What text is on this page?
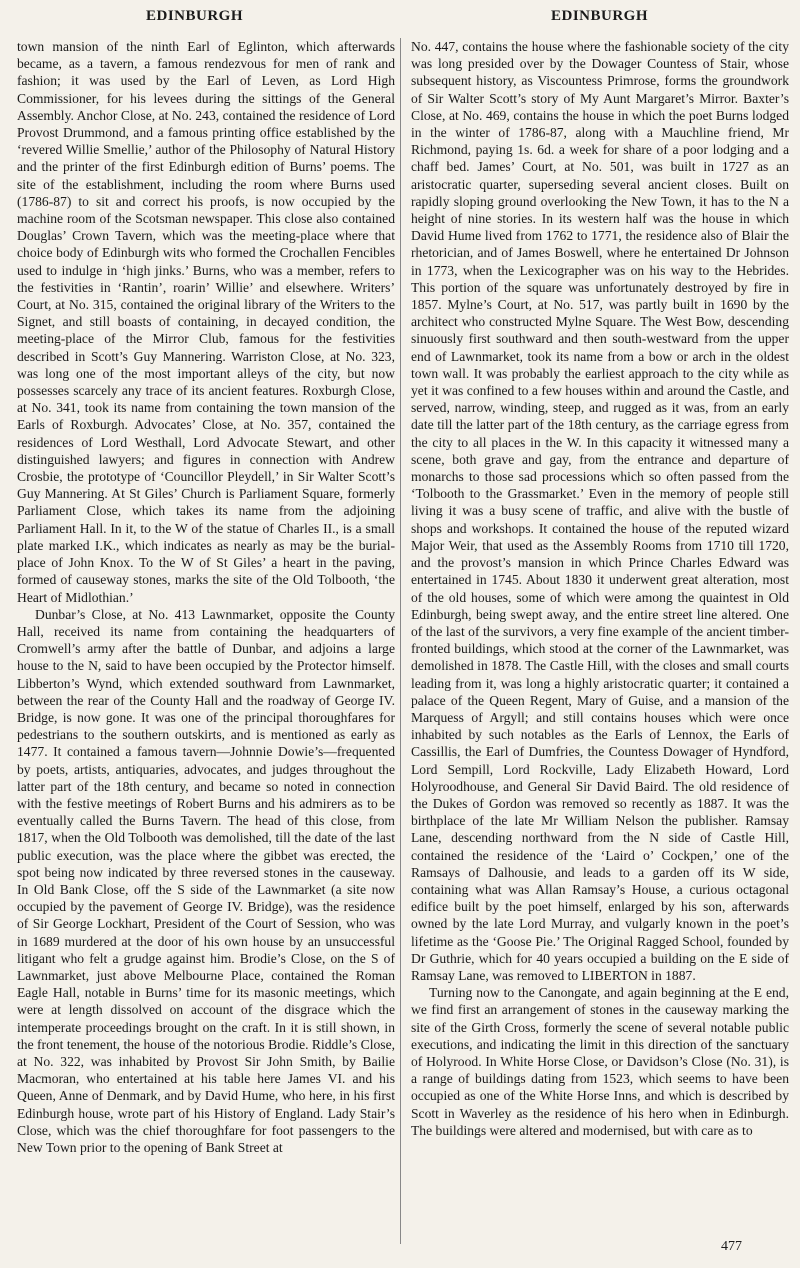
EDINBURGH	EDINBURGH

town mansion of the ninth Earl of Eglinton, which afterwards became, as a tavern, a famous rendezvous for men of rank and fashion; it was used by the Earl of Leven, as Lord High Commissioner, for his levees during the sittings of the General Assembly. Anchor Close, at No. 243, contained the residence of Lord Provost Drummond, and a famous printing office established by the ‘revered Willie Smellie,’ author of the Philosophy of Natural History and the printer of the first Edinburgh edition of Burns’ poems. The site of the establishment, including the room where Burns used (1786-87) to sit and correct his proofs, is now occupied by the machine room of the Scotsman newspaper. This close also contained Douglas’ Crown Tavern, which was the meeting-place where that choice body of Edinburgh wits who formed the Crochallen Fencibles used to indulge in ‘high jinks.’ Burns, who was a member, refers to the festivities in ‘Rantin’, roarin’ Willie’ and elsewhere. Writers’ Court, at No. 315, contained the original library of the Writers to the Signet, and still boasts of containing, in decayed condition, the meeting-place of the Mirror Club, famous for the festivities described in Scott’s Guy Mannering. Warriston Close, at No. 323, was long one of the most important alleys of the city, but now possesses scarcely any trace of its ancient features. Roxburgh Close, at No. 341, took its name from containing the town mansion of the Earls of Roxburgh. Advocates’ Close, at No. 357, contained the residences of Lord Westhall, Lord Advocate Stewart, and other distinguished lawyers; and figures in connection with Andrew Crosbie, the prototype of ‘Councillor Pleydell,’ in Sir Walter Scott’s Guy Mannering. At St Giles’ Church is Parliament Square, formerly Parliament Close, which takes its name from the adjoining Parliament Hall. In it, to the W of the statue of Charles II., is a small plate marked I.K., which indicates as nearly as may be the burial-place of John Knox. To the W of St Giles’ a heart in the paving, formed of causeway stones, marks the site of the Old Tolbooth, ‘the Heart of Midlothian.’

Dunbar’s Close, at No. 413 Lawnmarket, opposite the County Hall, received its name from containing the headquarters of Cromwell’s army after the battle of Dunbar, and adjoins a large house to the N, said to have been occupied by the Protector himself. Libberton’s Wynd, which extended southward from Lawnmarket, between the rear of the County Hall and the roadway of George IV. Bridge, is now gone. It was one of the principal thoroughfares for pedestrians to the southern outskirts, and is mentioned as early as 1477. It contained a famous tavern—Johnnie Dowie’s—frequented by poets, artists, antiquaries, advocates, and judges throughout the latter part of the 18th century, and became so noted in connection with the festive meetings of Robert Burns and his admirers as to be eventually called the Burns Tavern. The head of this close, from 1817, when the Old Tolbooth was demolished, till the date of the last public execution, was the place where the gibbet was erected, the spot being now indicated by three reversed stones in the causeway. In Old Bank Close, off the S side of the Lawnmarket (a site now occupied by the pavement of George IV. Bridge), was the residence of Sir George Lockhart, President of the Court of Session, who was in 1689 murdered at the door of his own house by an unsuccessful litigant who felt a grudge against him. Brodie’s Close, on the S of Lawnmarket, just above Melbourne Place, contained the Roman Eagle Hall, notable in Burns’ time for its masonic meetings, which were at length dissolved on account of the disgrace which the intemperate proceedings brought on the craft. In it is still shown, in the front tenement, the house of the notorious Brodie. Riddle’s Close, at No. 322, was inhabited by Provost Sir John Smith, by Bailie Macmoran, who entertained at his table here James VI. and his Queen, Anne of Denmark, and by David Hume, who here, in his first Edinburgh house, wrote part of his History of England. Lady Stair’s Close, which was the chief thoroughfare for foot passengers to the New Town prior to the opening of Bank Street at

No. 447, contains the house where the fashionable society of the city was long presided over by the Dowager Countess of Stair, whose subsequent history, as Viscountess Primrose, forms the groundwork of Sir Walter Scott’s story of My Aunt Margaret’s Mirror. Baxter’s Close, at No. 469, contains the house in which the poet Burns lodged in the winter of 1786-87, along with a Mauchline friend, Mr Richmond, paying 1s. 6d. a week for share of a poor lodging and a chaff bed. James’ Court, at No. 501, was built in 1727 as an aristocratic quarter, superseding several ancient closes. Built on rapidly sloping ground overlooking the New Town, it has to the N a height of nine stories. In its western half was the house in which David Hume lived from 1762 to 1771, the residence also of Blair the rhetorician, and of James Boswell, where he entertained Dr Johnson in 1773, when the Lexicographer was on his way to the Hebrides. This portion of the square was unfortunately destroyed by fire in 1857. Mylne’s Court, at No. 517, was partly built in 1690 by the architect who constructed Mylne Square. The West Bow, descending sinuously first southward and then south-westward from the upper end of Lawnmarket, took its name from a bow or arch in the oldest town wall. It was probably the earliest approach to the city while as yet it was confined to a few houses within and around the Castle, and served, narrow, winding, steep, and rugged as it was, from an early date till the latter part of the 18th century, as the carriage egress from the city to all places in the W. In this capacity it witnessed many a scene, both grave and gay, from the entrance and departure of monarchs to those sad processions which so often passed from the ‘Tolbooth to the Grassmarket.’ Even in the memory of people still living it was a busy scene of traffic, and alive with the bustle of shops and workshops. It contained the house of the reputed wizard Major Weir, that used as the Assembly Rooms from 1710 till 1720, and the provost’s mansion in which Prince Charles Edward was entertained in 1745. About 1830 it underwent great alteration, most of the old houses, some of which were among the quaintest in Old Edinburgh, being swept away, and the entire street line altered. One of the last of the survivors, a very fine example of the ancient timber-fronted buildings, which stood at the corner of the Lawnmarket, was demolished in 1878. The Castle Hill, with the closes and small courts leading from it, was long a highly aristocratic quarter; it contained a palace of the Queen Regent, Mary of Guise, and a mansion of the Marquess of Argyll; and still contains houses which were once inhabited by such notables as the Earls of Lennox, the Earls of Cassillis, the Earl of Dumfries, the Countess Dowager of Hyndford, Lord Sempill, Lord Rockville, Lady Elizabeth Howard, Lord Holyroodhouse, and General Sir David Baird. The old residence of the Dukes of Gordon was removed so recently as 1887. It was the birthplace of the late Mr William Nelson the publisher. Ramsay Lane, descending northward from the N side of Castle Hill, contained the residence of the ‘Laird o’ Cockpen,’ one of the Ramsays of Dalhousie, and leads to a garden off its W side, containing what was Allan Ramsay’s House, a curious octagonal edifice built by the poet himself, enlarged by his son, afterwards owned by the late Lord Murray, and vulgarly known in the poet’s lifetime as the ‘Goose Pie.’ The Original Ragged School, founded by Dr Guthrie, which for 40 years occupied a building on the E side of Ramsay Lane, was removed to LIBERTON in 1887.

Turning now to the Canongate, and again beginning at the E end, we find first an arrangement of stones in the causeway marking the site of the Girth Cross, formerly the scene of several notable public executions, and indicating the limit in this direction of the sanctuary of Holyrood. In White Horse Close, or Davidson’s Close (No. 31), is a range of buildings dating from 1523, which seems to have been occupied as one of the White Horse Inns, and which is described by Scott in Waverley as the residence of his hero when in Edinburgh. The buildings were altered and modernised, but with care as to

477
